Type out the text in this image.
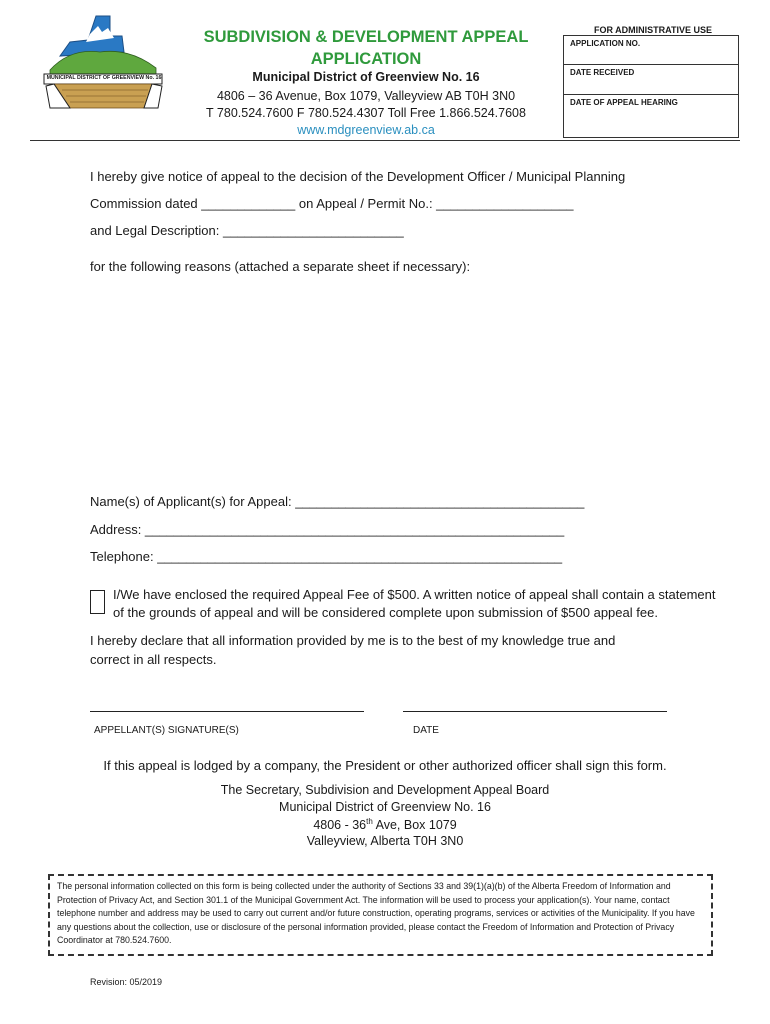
MUNICIPAL DISTRICT OF GREENVIEW No. 16
SUBDIVISION & DEVELOPMENT APPEAL
APPLICATION
Municipal District of Greenview No. 16
4806 – 36 Avenue, Box 1079, Valleyview AB T0H 3N0
T 780.524.7600 F 780.524.4307 Toll Free 1.866.524.7608
www.mdgreenview.ab.ca
FOR ADMINISTRATIVE USE
APPLICATION NO.
DATE RECEIVED
DATE OF APPEAL HEARING
I hereby give notice of appeal to the decision of the Development Officer / Municipal Planning
Commission dated _____________ on Appeal / Permit No.: ___________________
and Legal Description: _________________________
for the following reasons (attached a separate sheet if necessary):
Name(s) of Applicant(s) for Appeal: ________________________________________
Address: __________________________________________________________
Telephone: ________________________________________________________
I/We have enclosed the required Appeal Fee of $500. A written notice of appeal shall contain a statement
of the grounds of appeal and will be considered complete upon submission of $500 appeal fee.
I hereby declare that all information provided by me is to the best of my knowledge true and
correct in all respects.
APPELLANT(S) SIGNATURE(S)	DATE
If this appeal is lodged by a company, the President or other authorized officer shall sign this form.
The Secretary, Subdivision and Development Appeal Board
Municipal District of Greenview No. 16
4806 - 36th Ave, Box 1079
Valleyview, Alberta T0H 3N0
The personal information collected on this form is being collected under the authority of Sections 33 and 39(1)(a)(b) of the Alberta Freedom of Information and Protection of Privacy Act, and Section 301.1 of the Municipal Government Act. The information will be used to process your application(s). Your name, contact telephone number and address may be used to carry out current and/or future construction, operating programs, services or activities of the Municipality. If you have any questions about the collection, use or disclosure of the personal information provided, please contact the Freedom of Information and Protection of Privacy Coordinator at 780.524.7600.
Revision: 05/2019
